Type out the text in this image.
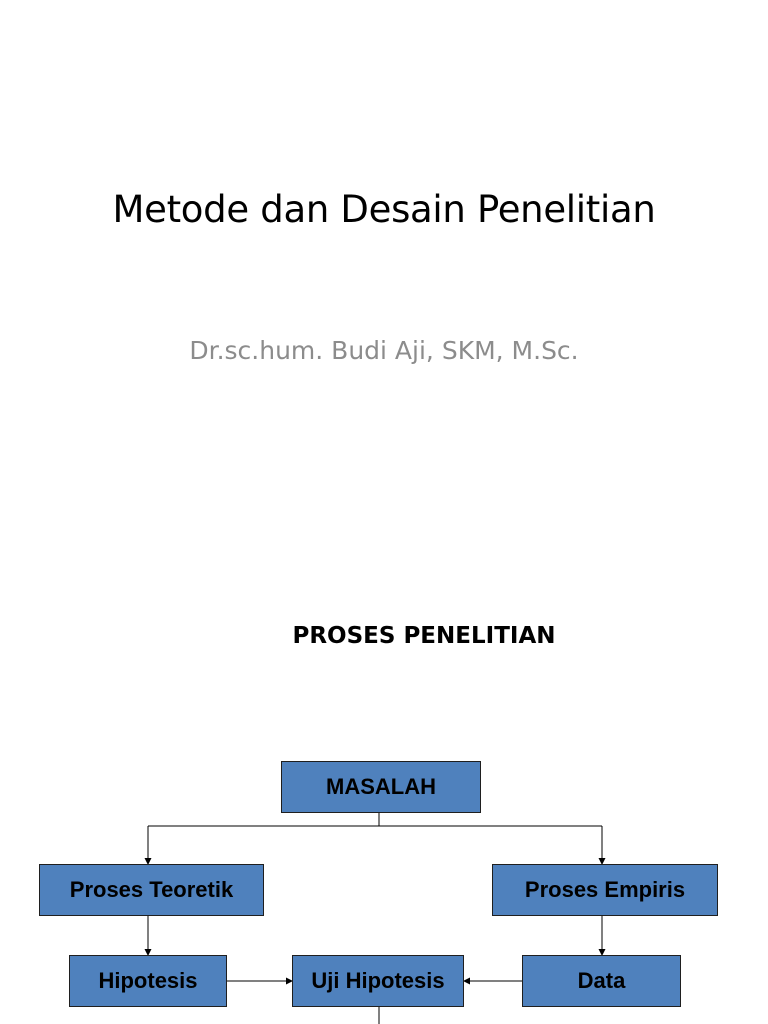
Metode dan Desain Penelitian
Dr.sc.hum. Budi Aji, SKM, M.Sc.
PROSES PENELITIAN
MASALAH
Proses Teoretik	Proses Empiris
Hipotesis	Uji Hipotesis	Data
